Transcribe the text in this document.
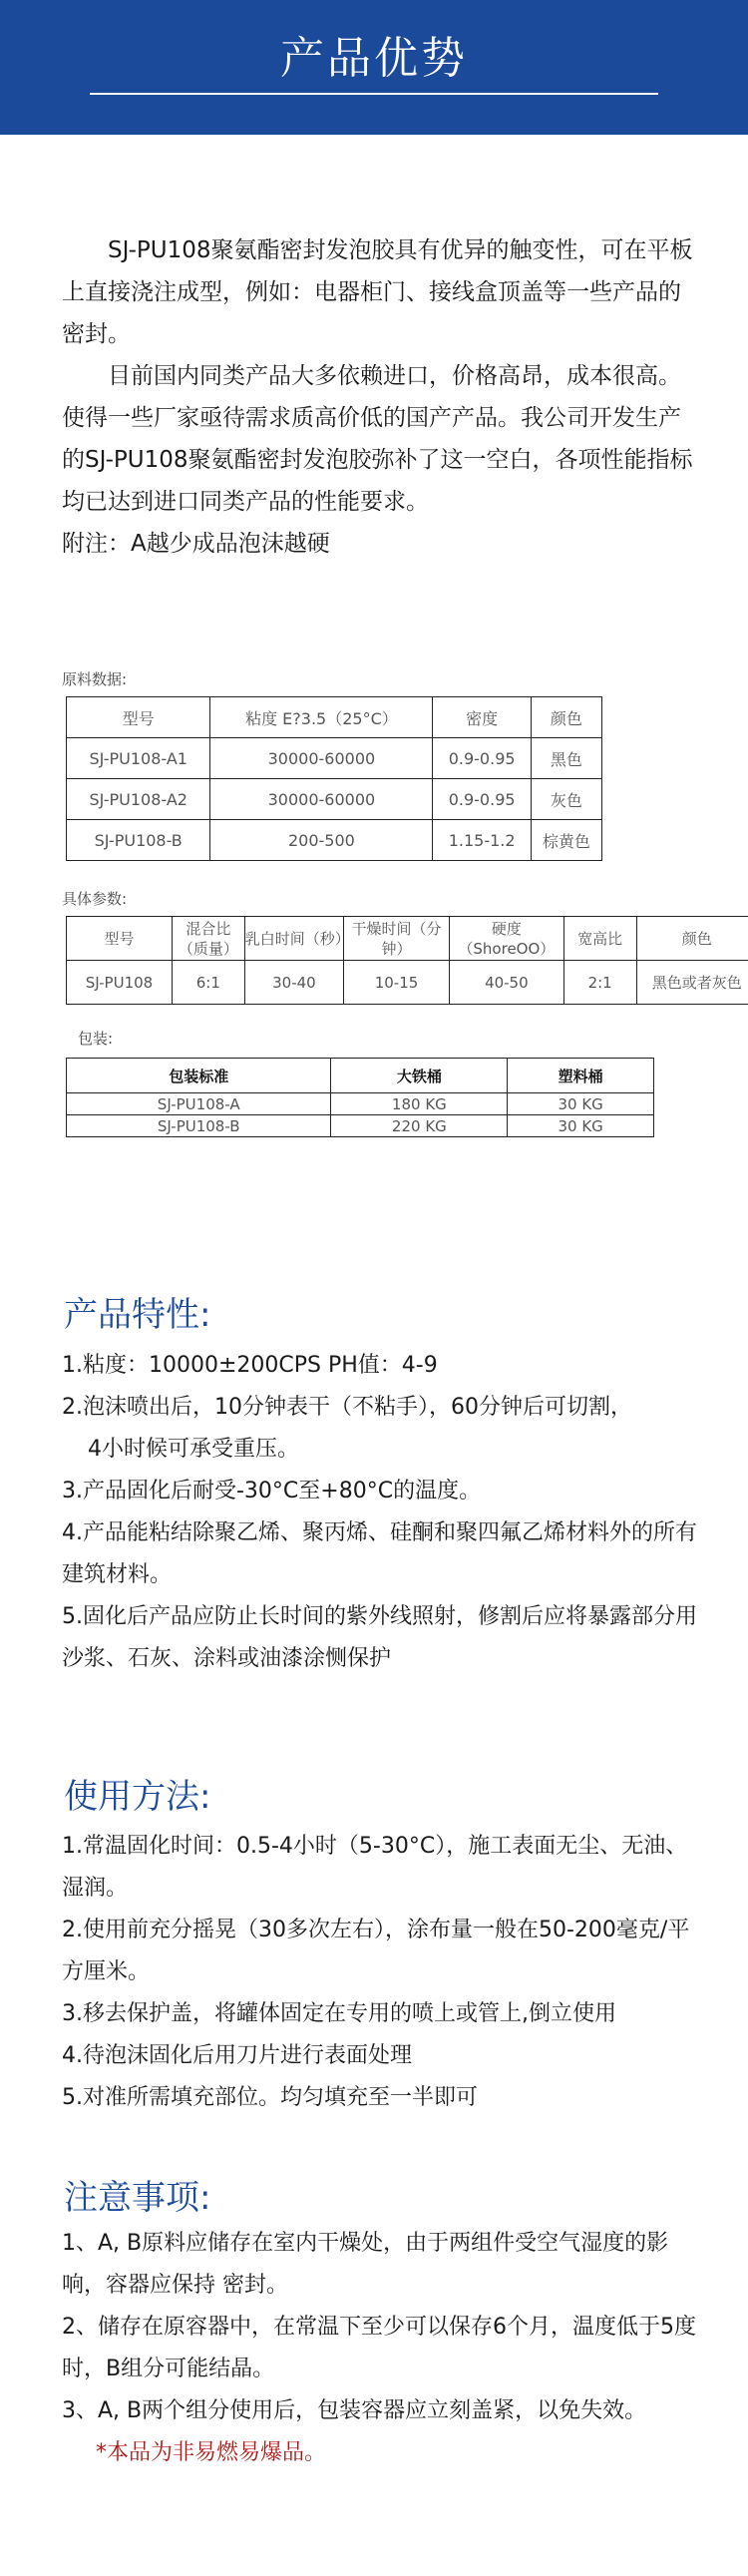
产品优势

SJ-PU108聚氨酯密封发泡胶具有优异的触变性，可在平板上直接浇注成型，例如：电器柜门、接线盒顶盖等一些产品的密封。

目前国内同类产品大多依赖进口，价格高昂，成本很高。使得一些厂家亟待需求质高价低的国产产品。我公司开发生产的SJ-PU108聚氨酯密封发泡胶弥补了这一空白，各项性能指标均已达到进口同类产品的性能要求。

附注：A越少成品泡沫越硬

原料数据:
型号	粘度 E?3.5（25°C）	密度	颜色
SJ-PU108-A1	30000-60000	0.9-0.95	黑色
SJ-PU108-A2	30000-60000	0.9-0.95	灰色
SJ-PU108-B	200-500	1.15-1.2	棕黄色
具体参数:
型号	混合比（质量）	乳白时间（秒）	干燥时间（分钟）	硬度（ShoreOO）	宽高比	颜色
SJ-PU108	6:1	30-40	10-15	40-50	2:1	黑色或者灰色
包装:
包装标准	大铁桶	塑料桶
SJ-PU108-A	180 KG	30 KG
SJ-PU108-B	220 KG	30 KG
产品特性:

1.粘度：10000±200CPS PH值：4-9

2.泡沫喷出后，10分钟表干（不粘手），60分钟后可切割，

4小时候可承受重压。

3.产品固化后耐受-30°C至+80°C的温度。

4.产品能粘结除聚乙烯、聚丙烯、硅酮和聚四氟乙烯材料外的所有建筑材料。

5.固化后产品应防止长时间的紫外线照射，修割后应将暴露部分用沙浆、石灰、涂料或油漆涂恻保护

使用方法:

1.常温固化时间：0.5-4小时（5-30°C），施工表面无尘、无油、湿润。

2.使用前充分摇晃（30多次左右），涂布量一般在50-200毫克/平方厘米。

3.移去保护盖，将罐体固定在专用的喷上或管上,倒立使用

4.待泡沫固化后用刀片进行表面处理

5.对准所需填充部位。均匀填充至一半即可

注意事项:

1、A, B原料应储存在室内干燥处，由于两组件受空气湿度的影响，容器应保持 密封。

2、储存在原容器中，在常温下至少可以保存6个月，温度低于5度时，B组分可能结晶。

3、A, B两个组分使用后，包装容器应立刻盖紧，以免失效。

*本品为非易燃易爆品。
